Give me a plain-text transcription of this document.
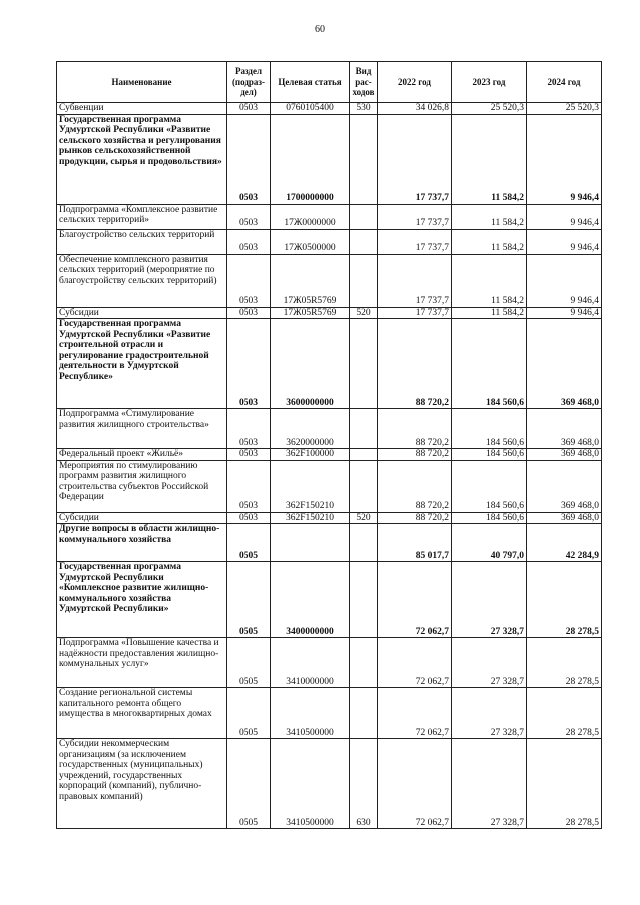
60
Наименование	Раздел (подраз-дел)	Целевая статья	Вид рас-ходов	2022 год	2023 год	2024 год
Субвенции	0503	0760105400	530	34 026,8	25 520,3	25 520,3
Государственная программа Удмуртской Республики «Развитие сельского хозяйства и регулирования рынков сельскохозяйственной продукции, сырья и продовольствия»	0503	1700000000		17 737,7	11 584,2	9 946,4
Подпрограмма «Комплексное развитие сельских территорий»	0503	17Ж0000000		17 737,7	11 584,2	9 946,4
Благоустройство сельских территорий	0503	17Ж0500000		17 737,7	11 584,2	9 946,4
Обеспечение комплексного развития сельских территорий (мероприятие по благоустройству сельских территорий)	0503	17Ж05R5769		17 737,7	11 584,2	9 946,4
Субсидии	0503	17Ж05R5769	520	17 737,7	11 584,2	9 946,4
Государственная программа Удмуртской Республики «Развитие строительной отрасли и регулирование градостроительной деятельности в Удмуртской Республике»	0503	3600000000		88 720,2	184 560,6	369 468,0
Подпрограмма «Стимулирование развития жилищного строительства»	0503	3620000000		88 720,2	184 560,6	369 468,0
Федеральный проект «Жильё»	0503	362F100000		88 720,2	184 560,6	369 468,0
Мероприятия по стимулированию программ развития жилищного строительства субъектов Российской Федерации	0503	362F150210		88 720,2	184 560,6	369 468,0
Субсидии	0503	362F150210	520	88 720,2	184 560,6	369 468,0
Другие вопросы в области жилищно-коммунального хозяйства	0505			85 017,7	40 797,0	42 284,9
Государственная программа Удмуртской Республики «Комплексное развитие жилищно-коммунального хозяйства Удмуртской Республики»	0505	3400000000		72 062,7	27 328,7	28 278,5
Подпрограмма «Повышение качества и надёжности предоставления жилищно-коммунальных услуг»	0505	3410000000		72 062,7	27 328,7	28 278,5
Создание региональной системы капитального ремонта общего имущества в многоквартирных домах	0505	3410500000		72 062,7	27 328,7	28 278,5
Субсидии некоммерческим организациям (за исключением государственных (муниципальных) учреждений, государственных корпораций (компаний), публично-правовых компаний)	0505	3410500000	630	72 062,7	27 328,7	28 278,5
